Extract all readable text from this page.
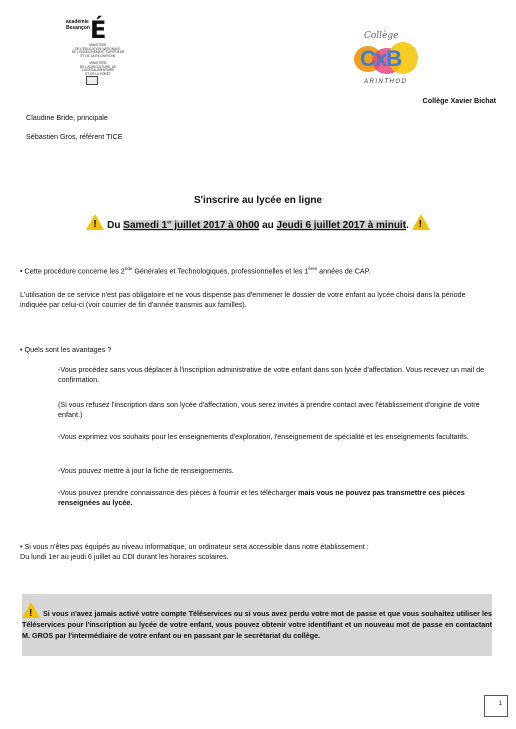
académie
Besançon É
MINISTÈRE
DE L'ÉDUCATION NATIONALE,
DE L'ENSEIGNEMENT SUPÉRIEUR
ET DE LA RECHERCHE
MINISTÈRE
DE L'AGRICULTURE, DE L'AGROALIMENTAIRE
ET DE LA FORÊT
Collège
CxB
ARINTHOD
Collège Xavier Bichat
Claudine Bride, principale
Sébastien Gros, référent TICE
S'inscrire au lycée en ligne
! Du Samedi 1er juillet 2017 à 0h00 au Jeudi 6 juillet 2017 à minuit. !
• Cette procédure concerne les 2nde Générales et Technologiques, professionnelles et les 1ères années de CAP.
L'utilisation de ce service n'est pas obligatoire et ne vous dispense pas d'emmener le dossier de votre enfant au lycée choisi dans la période indiquée par celui-ci (voir courrier de fin d'année transmis aux familles).
• Quels sont les avantages ?
-Vous procédez sans vous déplacer à l'inscription administrative de votre enfant dans son lycée d'affectation. Vous recevez un mail de confirmation.
(Si vous refusez l'inscription dans son lycée d'affectation, vous serez invités à prendre contact avec l'établissement d'origine de votre enfant.)
-Vous exprimez vos souhaits pour les enseignements d'exploration, l'enseignement de spécialité et les enseignements facultatifs.
-Vous pouvez mettre à jour la fiche de renseignements.
-Vous pouvez prendre connaissance des pièces à fournir et les télécharger mais vous ne pouvez pas transmettre ces pièces renseignées au lycée.
• Si vous n'êtes pas équipés au niveau informatique, un ordinateur sera accessible dans notre établissement :
Du lundi 1er au jeudi 6 juillet au CDI durant les horaires scolaires.
!Si vous n'avez jamais activé votre compte Téléservices ou si vous avez perdu votre mot de passe et que vous souhaitez utiliser les Téléservices pour l'inscription au lycée de votre enfant, vous pouvez obtenir votre identifiant et un nouveau mot de passe en contactant M. GROS par l'intermédiaire de votre enfant ou en passant par le secrétariat du collège.
1
